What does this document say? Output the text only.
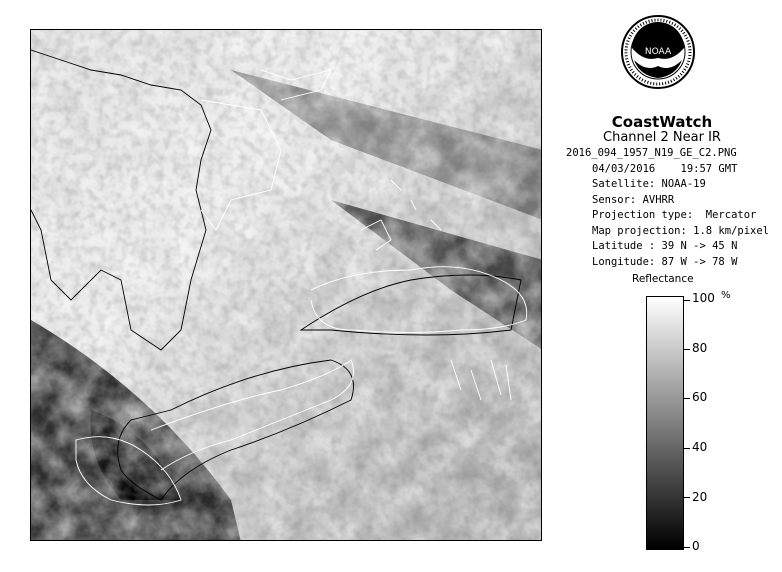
NOAA
CoastWatch
Channel 2 Near IR
2016_094_1957_N19_GE_C2.PNG
04/03/2016    19:57 GMT
Satellite: NOAA-19
Sensor: AVHRR
Projection type:  Mercator
Map projection: 1.8 km/pixel
Latitude : 39 N -> 45 N
Longitude: 87 W -> 78 W
Reflectance
%
100
80
60
40
20
0
